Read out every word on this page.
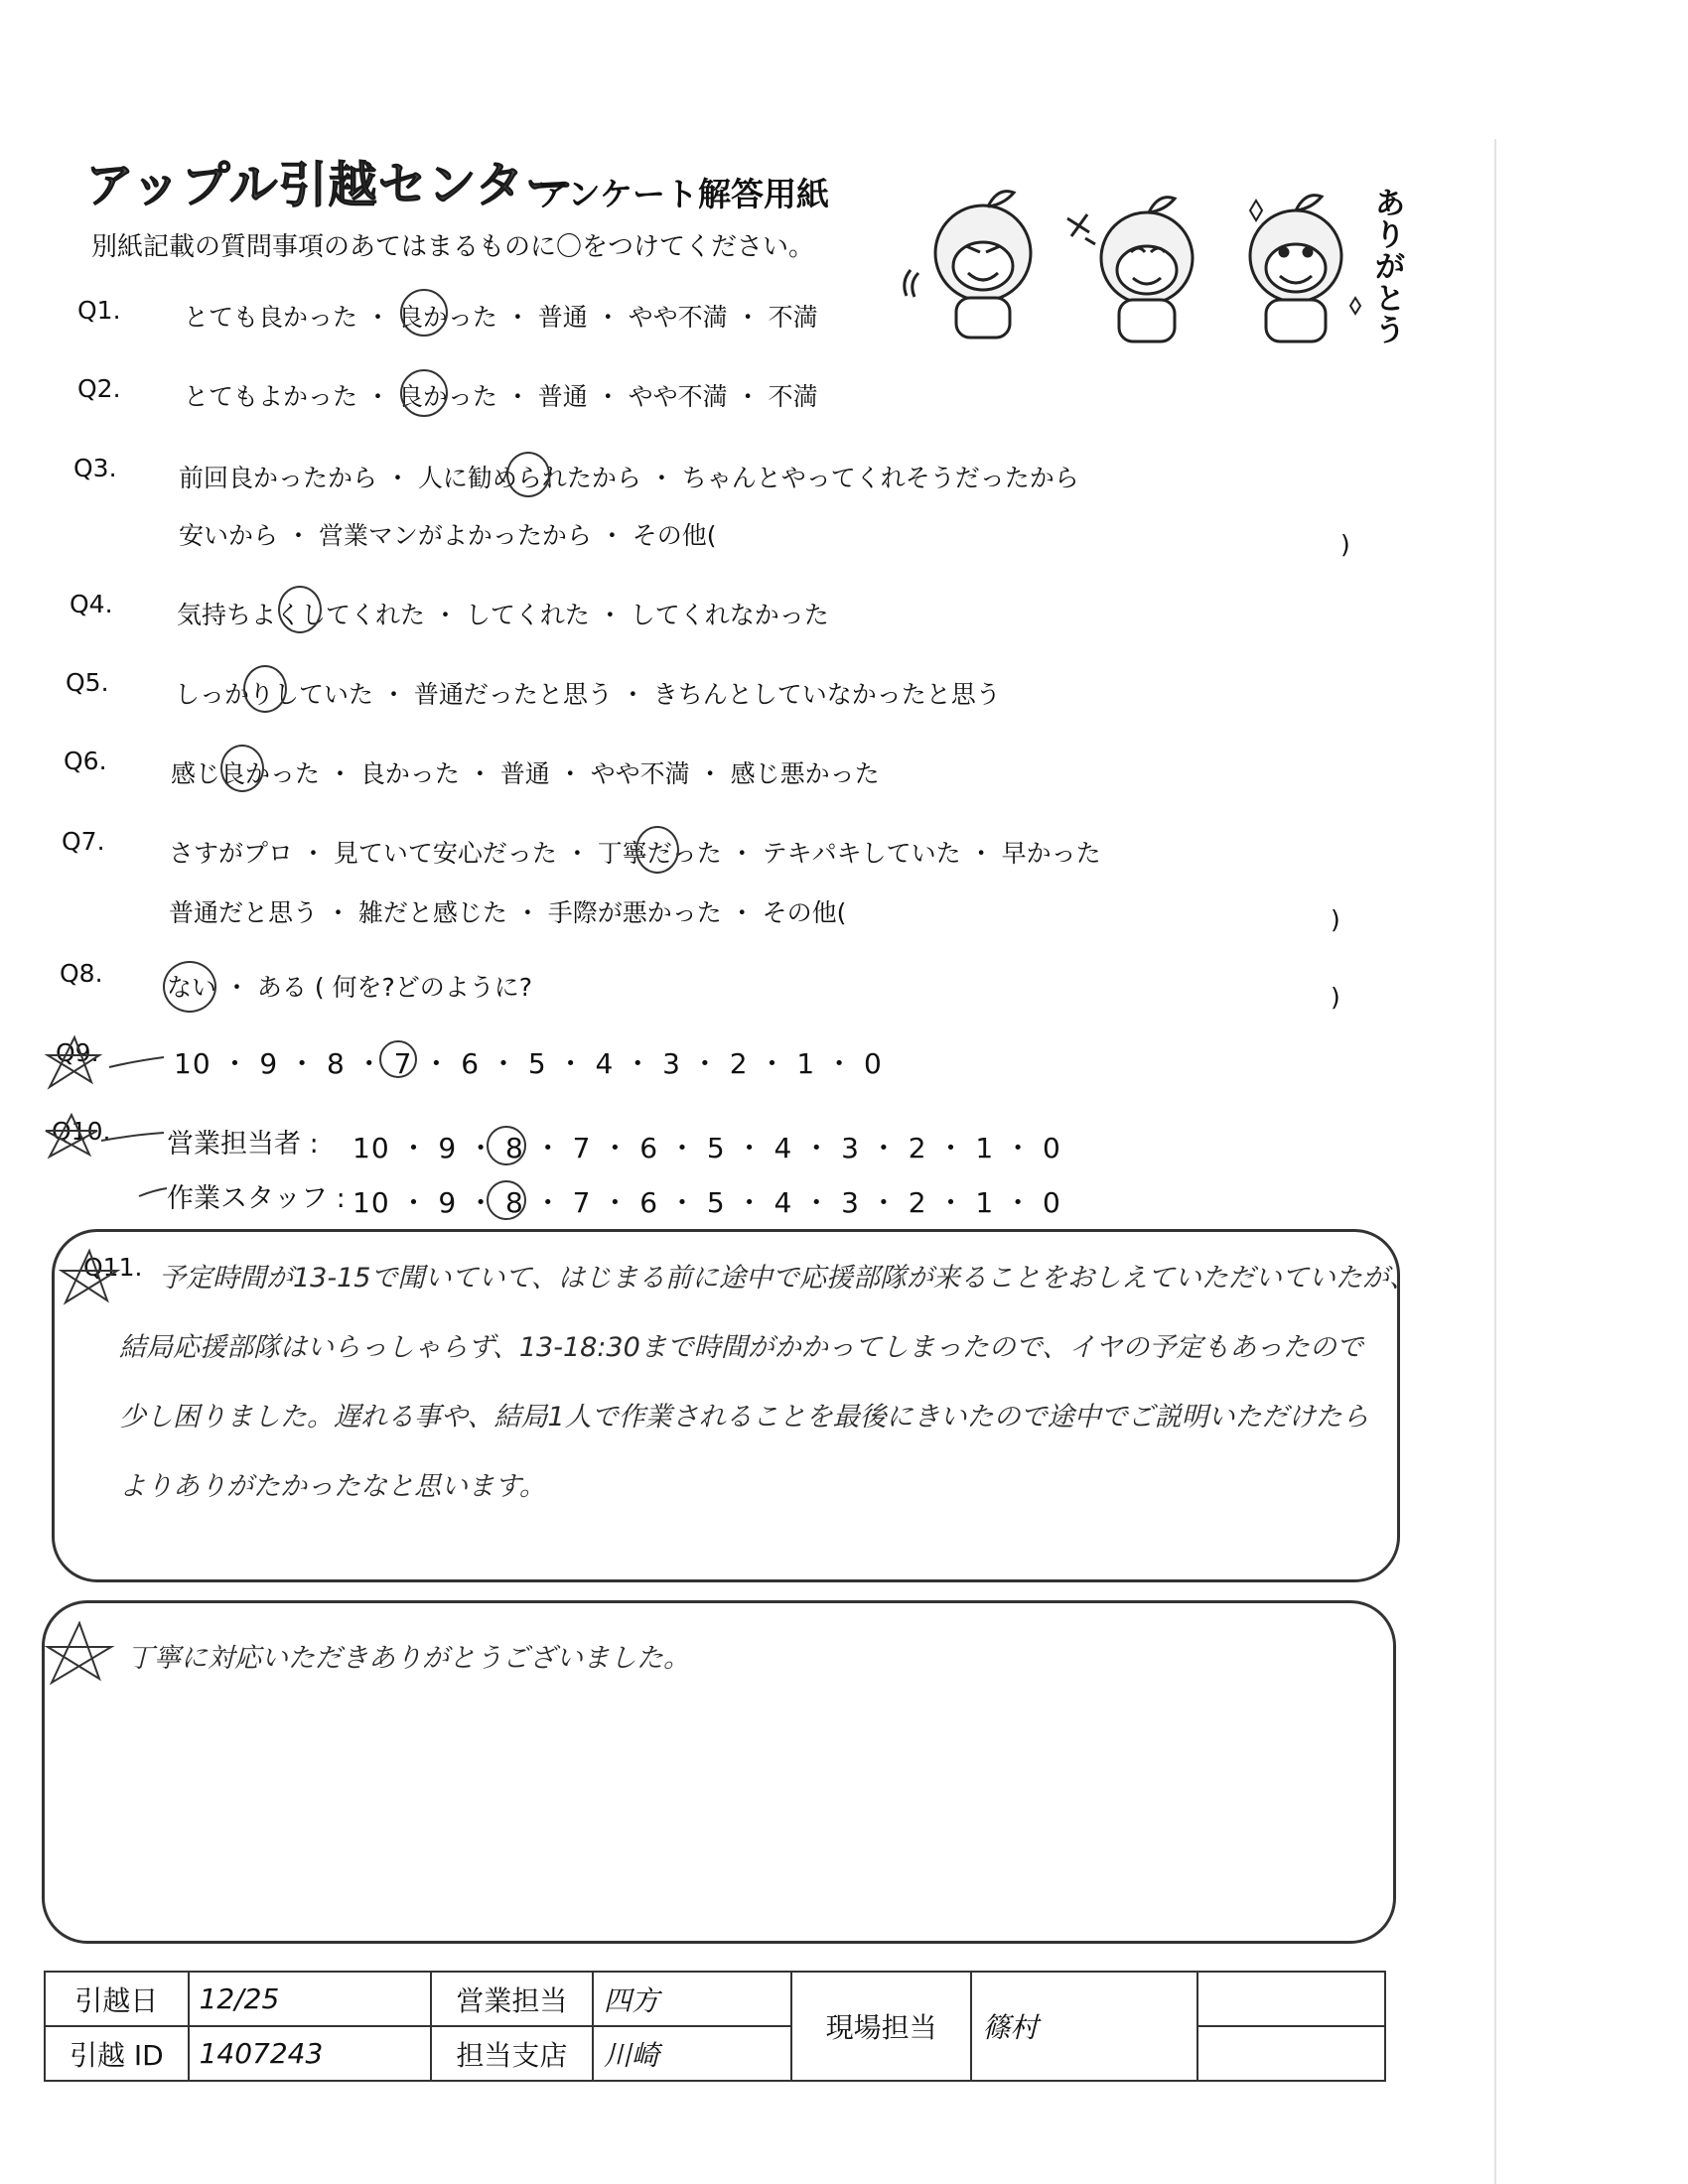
アップル引越センター
アンケート解答用紙
別紙記載の質問事項のあてはまるものに〇をつけてください。
ありがとう
Q1.	とても良かった ・ 良かった ・ 普通 ・ やや不満 ・ 不満
Q2.	とてもよかった ・ 良かった ・ 普通 ・ やや不満 ・ 不満
Q3. 前回良かったから ・ 人に勧められたから ・ ちゃんとやってくれそうだったから
安いから ・ 営業マンがよかったから ・ その他(	)
Q4.	気持ちよくしてくれた ・ してくれた ・ してくれなかった
Q5.	しっかりしていた ・ 普通だったと思う ・ きちんとしていなかったと思う
Q6.	感じ良かった ・ 良かった ・ 普通 ・ やや不満 ・ 感じ悪かった
Q7.	さすがプロ ・ 見ていて安心だった ・ 丁寧だった ・ テキパキしていた ・ 早かった
普通だと思う ・ 雑だと感じた ・ 手際が悪かった ・ その他(	)
Q8.	ない ・ ある ( 何を?どのように?	)
Q9.	10 ・ 9 ・ 8 ・ 7 ・ 6 ・ 5 ・ 4 ・ 3 ・ 2 ・ 1 ・ 0
Q10. 営業担当者 : 10 ・ 9 ・ 8 ・ 7 ・ 6 ・ 5 ・ 4 ・ 3 ・ 2 ・ 1 ・ 0
作業スタッフ : 10 ・ 9 ・ 8 ・ 7 ・ 6 ・ 5 ・ 4 ・ 3 ・ 2 ・ 1 ・ 0
Q11. 予定時間が13-15で聞いていて、はじまる前に途中で応援部隊が来ることをおしえていただいていたが、
結局応援部隊はいらっしゃらず、13-18:30まで時間がかかってしまったので、イヤの予定もあったので
少し困りました。遅れる事や、結局1人で作業されることを最後にきいたので途中でご説明いただけたら
よりありがたかったなと思います。
丁寧に対応いただきありがとうございました。
引越日	12/25	営業担当	四方	現場担当	篠村	
引越 ID	1407243	担当支店	川崎			
